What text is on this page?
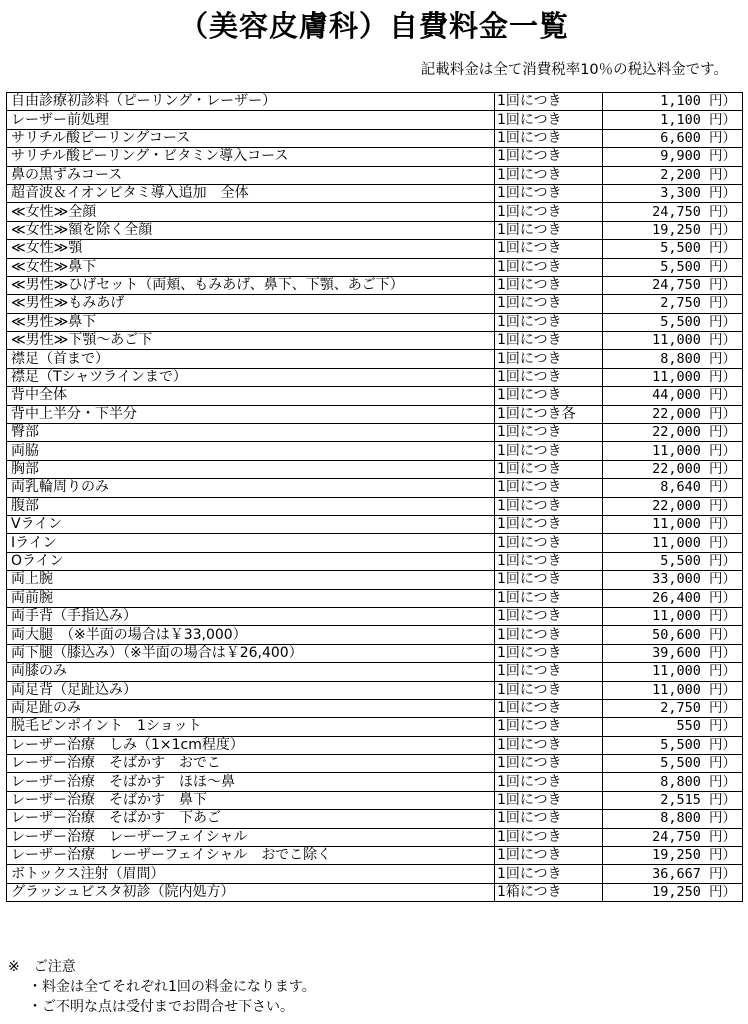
（美容皮膚科）自費料金一覧
記載料金は全て消費税率10％の税込料金です。
自由診療初診料（ピーリング・レーザー）	1回につき	1,100 円）
レーザー前処理	1回につき	1,100 円）
サリチル酸ピーリングコース	1回につき	6,600 円）
サリチル酸ピーリング・ビタミン導入コース	1回につき	9,900 円）
鼻の黒ずみコース	1回につき	2,200 円）
超音波＆イオンビタミ導入追加　全体	1回につき	3,300 円）
≪女性≫全顔	1回につき	24,750 円）
≪女性≫額を除く全顔	1回につき	19,250 円）
≪女性≫顎	1回につき	5,500 円）
≪女性≫鼻下	1回につき	5,500 円）
≪男性≫ひげセット（両頬、もみあげ、鼻下、下顎、あご下）	1回につき	24,750 円）
≪男性≫もみあげ	1回につき	2,750 円）
≪男性≫鼻下	1回につき	5,500 円）
≪男性≫下顎～あご下	1回につき	11,000 円）
襟足（首まで）	1回につき	8,800 円）
襟足（Tシャツラインまで）	1回につき	11,000 円）
背中全体	1回につき	44,000 円）
背中上半分・下半分	1回につき各	22,000 円）
臀部	1回につき	22,000 円）
両脇	1回につき	11,000 円）
胸部	1回につき	22,000 円）
両乳輪周りのみ	1回につき	8,640 円）
腹部	1回につき	22,000 円）
Vライン	1回につき	11,000 円）
Iライン	1回につき	11,000 円）
Oライン	1回につき	5,500 円）
両上腕	1回につき	33,000 円）
両前腕	1回につき	26,400 円）
両手背（手指込み）	1回につき	11,000 円）
両大腿　（※半面の場合は￥33,000）	1回につき	50,600 円）
両下腿（膝込み）（※半面の場合は￥26,400）	1回につき	39,600 円）
両膝のみ	1回につき	11,000 円）
両足背（足趾込み）	1回につき	11,000 円）
両足趾のみ	1回につき	2,750 円）
脱毛ピンポイント　1ショット	1回につき	550 円）
レーザー治療　しみ（1×1cm程度）	1回につき	5,500 円）
レーザー治療　そばかす　おでこ	1回につき	5,500 円）
レーザー治療　そばかす　ほほ～鼻	1回につき	8,800 円）
レーザー治療　そばかす　鼻下	1回につき	2,515 円）
レーザー治療　そばかす　下あご	1回につき	8,800 円）
レーザー治療　レーザーフェイシャル	1回につき	24,750 円）
レーザー治療　レーザーフェイシャル　おでこ除く	1回につき	19,250 円）
ボトックス注射（眉間）	1回につき	36,667 円）
グラッシュビスタ初診（院内処方）	1箱につき	19,250 円）
※　ご注意
・料金は全てそれぞれ1回の料金になります。
・ご不明な点は受付までお問合せ下さい。
